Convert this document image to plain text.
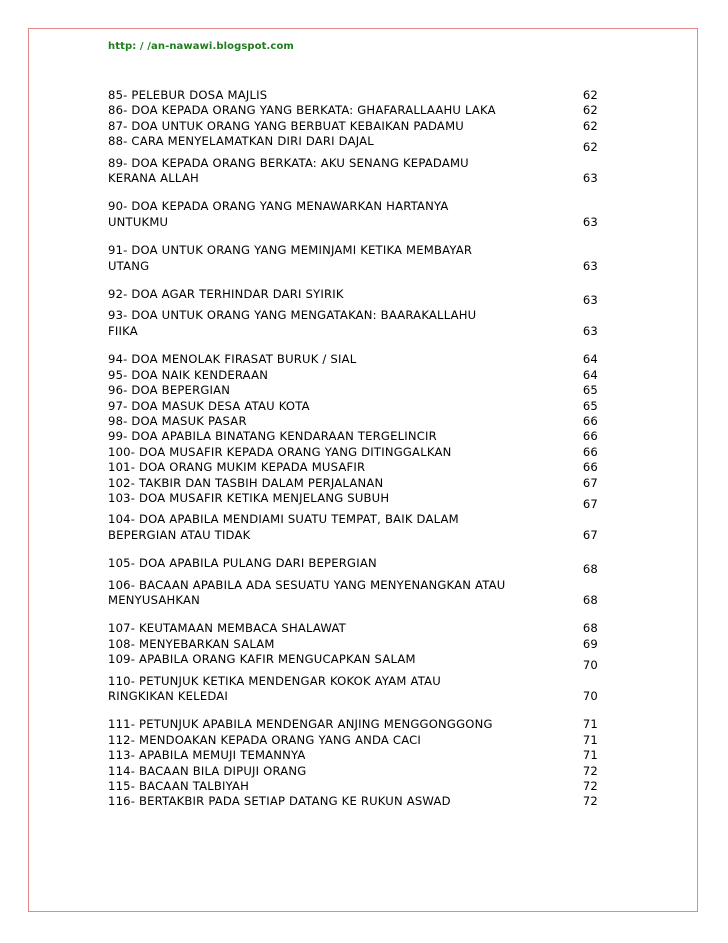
http: / /an-nawawi.blogspot.com
85- PELEBUR DOSA MAJLIS	62
86- DOA KEPADA ORANG YANG BERKATA: GHAFARALLAAHU LAKA	62
87- DOA UNTUK ORANG YANG BERBUAT KEBAIKAN PADAMU	62
88- CARA MENYELAMATKAN DIRI DARI DAJAL	62
89- DOA KEPADA ORANG BERKATA: AKU SENANG KEPADAMU
KERANA ALLAH	63
90- DOA KEPADA ORANG YANG MENAWARKAN HARTANYA
UNTUKMU	63
91- DOA UNTUK ORANG YANG MEMINJAMI KETIKA MEMBAYAR
UTANG	63
92- DOA AGAR TERHINDAR DARI SYIRIK	63
93- DOA UNTUK ORANG YANG MENGATAKAN: BAARAKALLAHU
FIIKA	63
94- DOA MENOLAK FIRASAT BURUK / SIAL	64
95- DOA NAIK KENDERAAN	64
96- DOA BEPERGIAN	65
97- DOA MASUK DESA ATAU KOTA	65
98- DOA MASUK PASAR	66
99- DOA APABILA BINATANG KENDARAAN TERGELINCIR	66
100- DOA MUSAFIR KEPADA ORANG YANG DITINGGALKAN	66
101- DOA ORANG MUKIM KEPADA MUSAFIR	66
102- TAKBIR DAN TASBIH DALAM PERJALANAN	67
103- DOA MUSAFIR KETIKA MENJELANG SUBUH	67
104- DOA APABILA MENDIAMI SUATU TEMPAT, BAIK DALAM
BEPERGIAN ATAU TIDAK	67
105- DOA APABILA PULANG DARI BEPERGIAN	68
106- BACAAN APABILA ADA SESUATU YANG MENYENANGKAN ATAU
MENYUSAHKAN	68
107- KEUTAMAAN MEMBACA SHALAWAT	68
108- MENYEBARKAN SALAM	69
109- APABILA ORANG KAFIR MENGUCAPKAN SALAM	70
110- PETUNJUK KETIKA MENDENGAR KOKOK AYAM ATAU
RINGKIKAN KELEDAI	70
111- PETUNJUK APABILA MENDENGAR ANJING MENGGONGGONG	71
112- MENDOAKAN KEPADA ORANG YANG ANDA CACI	71
113- APABILA MEMUJI TEMANNYA	71
114- BACAAN BILA DIPUJI ORANG	72
115- BACAAN TALBIYAH	72
116- BERTAKBIR PADA SETIAP DATANG KE RUKUN ASWAD	72
